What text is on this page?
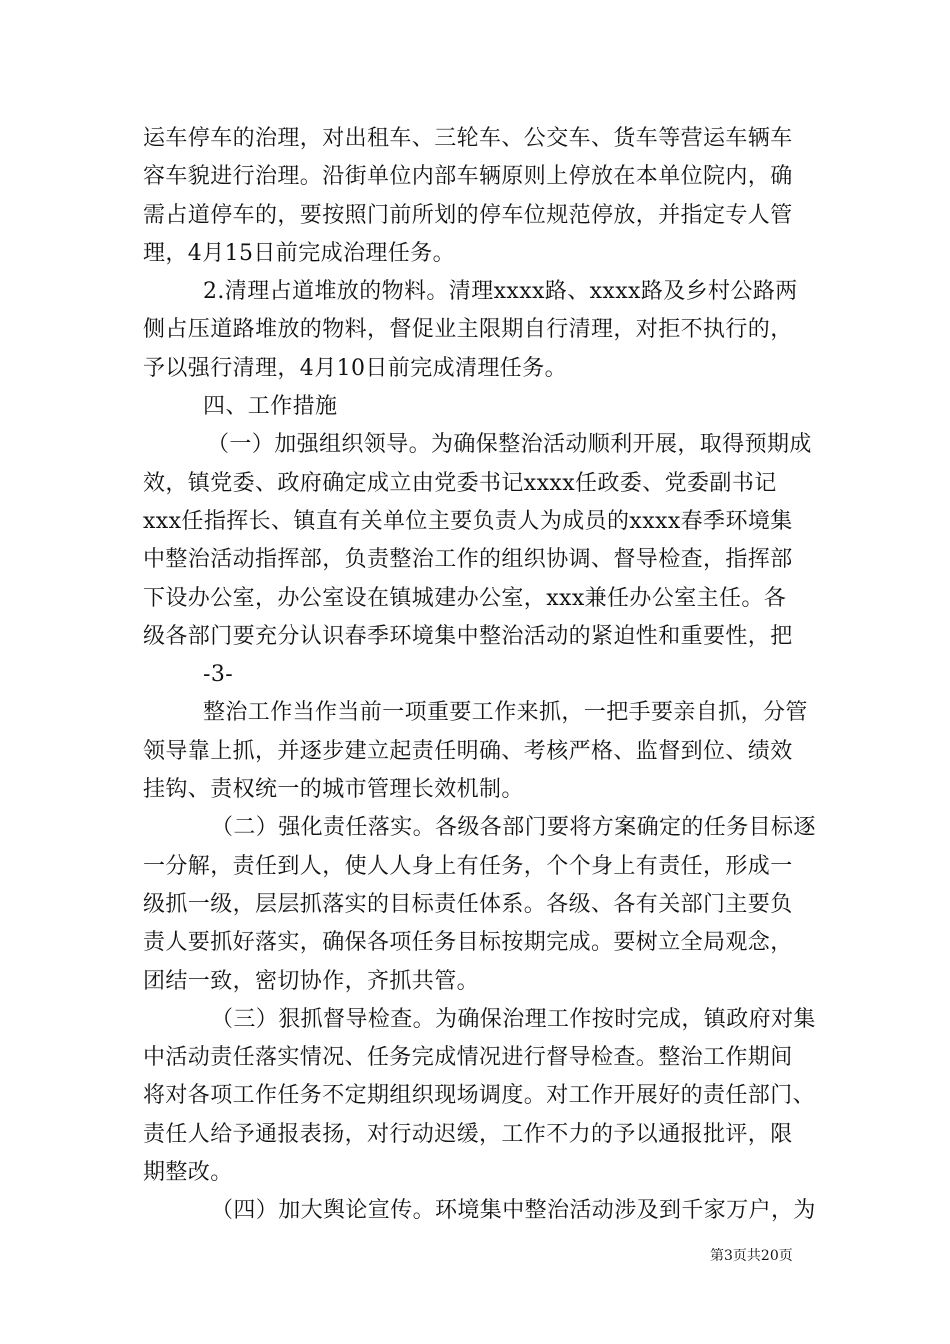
运车停车的治理，对出租车、三轮车、公交车、货车等营运车辆车
容车貌进行治理。沿街单位内部车辆原则上停放在本单位院内，确
需占道停车的，要按照门前所划的停车位规范停放，并指定专人管
理，4月15日前完成治理任务。
2.清理占道堆放的物料。清理xxxx路、xxxx路及乡村公路两
侧占压道路堆放的物料，督促业主限期自行清理，对拒不执行的，
予以强行清理，4月10日前完成清理任务。
四、工作措施
（一）加强组织领导。为确保整治活动顺利开展，取得预期成
效，镇党委、政府确定成立由党委书记xxxx任政委、党委副书记
xxx任指挥长、镇直有关单位主要负责人为成员的xxxx春季环境集
中整治活动指挥部，负责整治工作的组织协调、督导检查，指挥部
下设办公室，办公室设在镇城建办公室，xxx兼任办公室主任。各
级各部门要充分认识春季环境集中整治活动的紧迫性和重要性，把
-3-
整治工作当作当前一项重要工作来抓，一把手要亲自抓，分管
领导靠上抓，并逐步建立起责任明确、考核严格、监督到位、绩效
挂钩、责权统一的城市管理长效机制。
（二）强化责任落实。各级各部门要将方案确定的任务目标逐
一分解，责任到人，使人人身上有任务，个个身上有责任，形成一
级抓一级，层层抓落实的目标责任体系。各级、各有关部门主要负
责人要抓好落实，确保各项任务目标按期完成。要树立全局观念，
团结一致，密切协作，齐抓共管。
（三）狠抓督导检查。为确保治理工作按时完成，镇政府对集
中活动责任落实情况、任务完成情况进行督导检查。整治工作期间
将对各项工作任务不定期组织现场调度。对工作开展好的责任部门、
责任人给予通报表扬，对行动迟缓，工作不力的予以通报批评，限
期整改。
（四）加大舆论宣传。环境集中整治活动涉及到千家万户，为
第3页共20页
